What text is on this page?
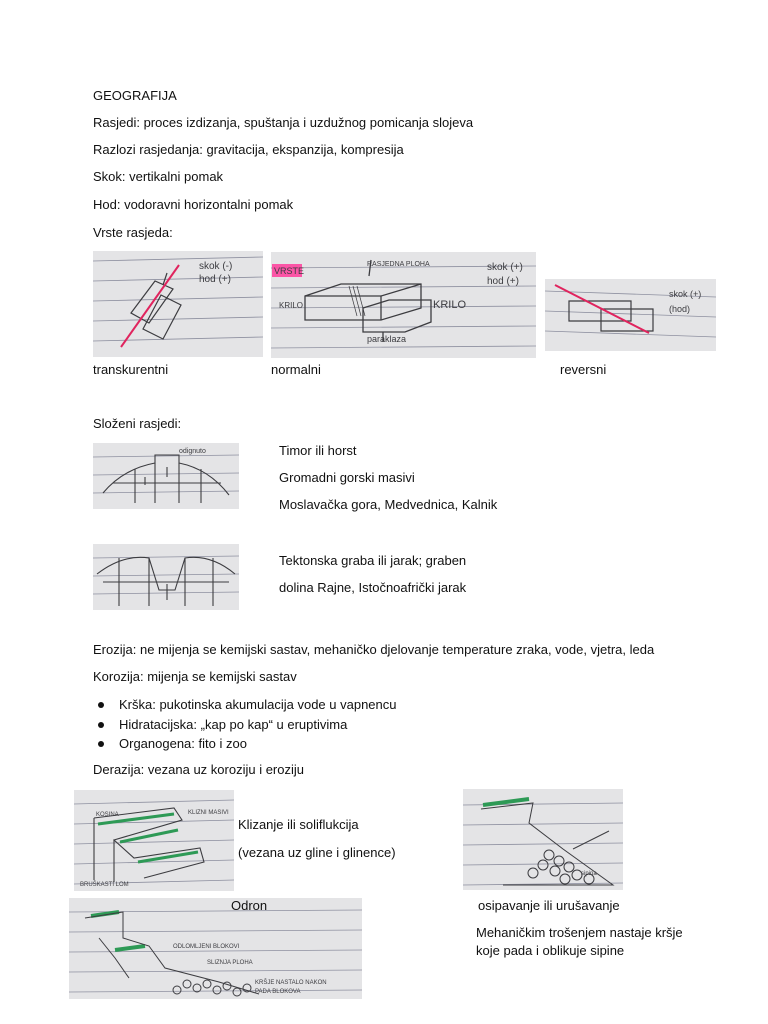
GEOGRAFIJA
Rasjedi: proces izdizanja, spuštanja i uzdužnog pomicanja slojeva
Razlozi rasjedanja: gravitacija, ekspanzija, kompresija
Skok: vertikalni pomak
Hod: vodoravni horizontalni pomak
Vrste rasjeda:
skok (-)
hod (+)
VRSTE
RASJEDNA PLOHA
KRILO	KRILO
paraklaza
skok (+)
hod (+)
skok (+)
(hod)
transkurentni	normalni	reversni
Složeni rasjedi:
odignuto	Timor ili horst
Gromadni gorski masivi
Moslavačka gora, Medvednica, Kalnik
Tektonska graba ili jarak; graben
dolina Rajne, Istočnoafrički jarak
Erozija: ne mijenja se kemijski sastav, mehaničko djelovanje temperature zraka, vode, vjetra, leda
Korozija: mijenja se kemijski sastav
Krška: pukotinska akumulacija vode u vapnencu
Hidratacijska: „kap po kap“ u eruptivima
Organogena: fito i zoo
Derazija: vezana uz koroziju i eroziju
KOSINA	KLIZNI MASIVI
BRUŠKASTI LOM
Klizanje ili soliflukcija
(vezana uz gline i glinence)
sipina
ODLOMLJENI BLOKOVI
SLIZNJA PLOHA
KRŠJE NASTALO NAKON
PADA BLOKOVA
Odron	osipavanje ili urušavanje
Mehaničkim trošenjem nastaje kršje
koje pada i oblikuje sipine
